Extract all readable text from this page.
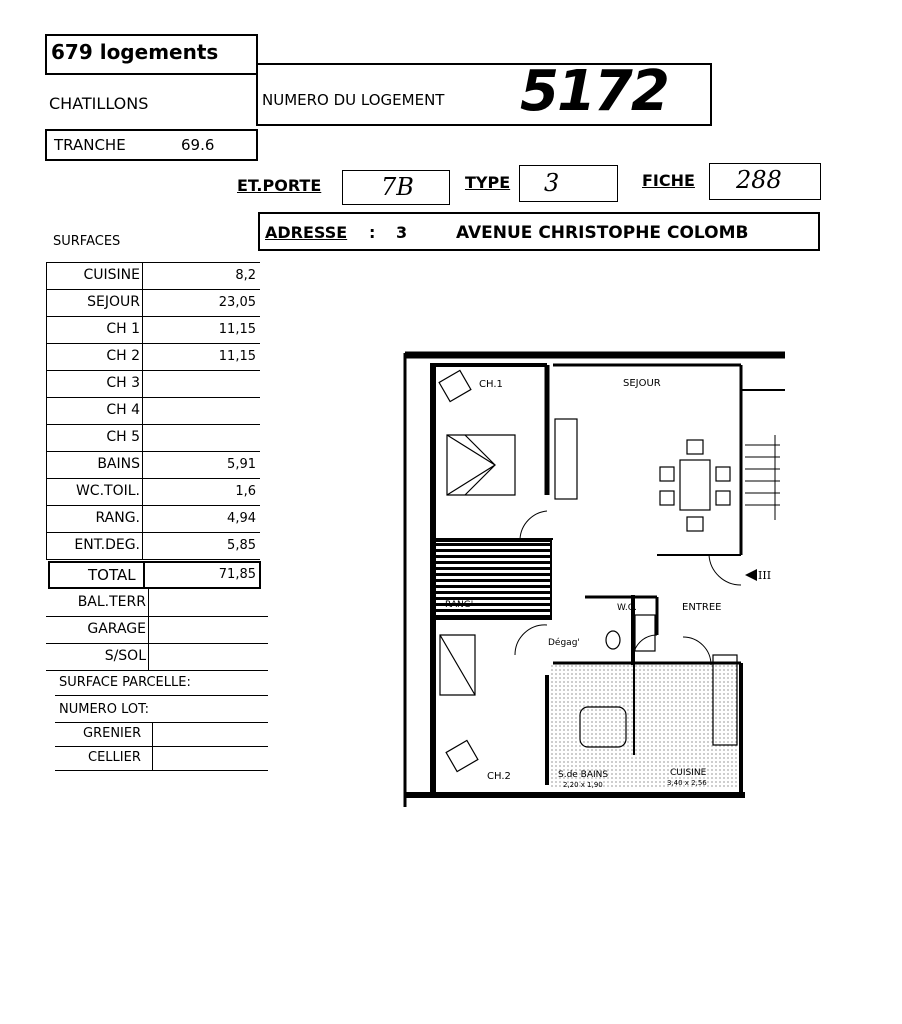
679 logements
CHATILLONS	NUMERO DU LOGEMENT 5172
TRANCHE	69.6
ET.PORTE 7B	TYPE 3	FICHE 288
ADRESSE : 3	AVENUE CHRISTOPHE COLOMB
SURFACES
CUISINE	8,2
SEJOUR	23,05
CH 1	11,15
CH 2	11,15
CH 3
CH 4
CH 5
BAINS	5,91
WC.TOIL.	1,6
RANG.	4,94
ENT.DEG.	5,85
TOTAL	71,85
BAL.TERR
GARAGE
S/SOL
SURFACE PARCELLE:
NUMERO LOT:
GRENIER
CELLIER
RANG'
III
CH.1	SEJOUR
ENTREE
W.C.
Dégag'
CH.2	S.de BAINS
2,20 x 1,90
CUISINE
3,40 x 2,56
